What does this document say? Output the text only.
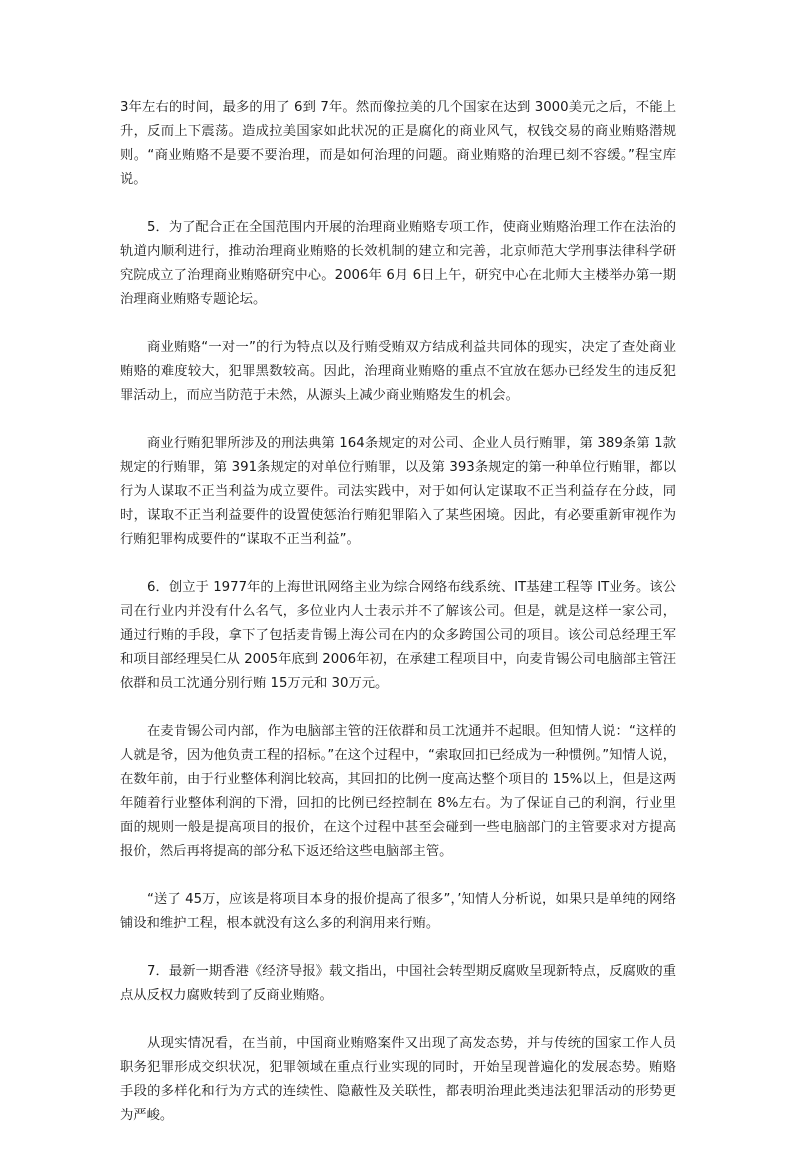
3年左右的时间，最多的用了 6到 7年。然而像拉美的几个国家在达到 3000美元之后，不能上升，反而上下震荡。造成拉美国家如此状况的正是腐化的商业风气，权钱交易的商业贿赂潜规则。“商业贿赂不是要不要治理，而是如何治理的问题。商业贿赂的治理已刻不容缓。”程宝库说。

5．为了配合正在全国范围内开展的治理商业贿赂专项工作，使商业贿赂治理工作在法治的轨道内顺利进行，推动治理商业贿赂的长效机制的建立和完善，北京师范大学刑事法律科学研究院成立了治理商业贿赂研究中心。2006年 6月 6日上午，研究中心在北师大主楼举办第一期治理商业贿赂专题论坛。

商业贿赂“一对一”的行为特点以及行贿受贿双方结成利益共同体的现实，决定了查处商业贿赂的难度较大，犯罪黑数较高。因此，治理商业贿赂的重点不宜放在惩办已经发生的违反犯罪活动上，而应当防范于未然，从源头上减少商业贿赂发生的机会。

商业行贿犯罪所涉及的刑法典第 164条规定的对公司、企业人员行贿罪，第 389条第 1款规定的行贿罪，第 391条规定的对单位行贿罪，以及第 393条规定的第一种单位行贿罪，都以行为人谋取不正当利益为成立要件。司法实践中，对于如何认定谋取不正当利益存在分歧，同时，谋取不正当利益要件的设置使惩治行贿犯罪陷入了某些困境。因此，有必要重新审视作为行贿犯罪构成要件的“谋取不正当利益”。

6．创立于 1977年的上海世讯网络主业为综合网络布线系统、IT基建工程等 IT业务。该公司在行业内并没有什么名气，多位业内人士表示并不了解该公司。但是，就是这样一家公司，通过行贿的手段，拿下了包括麦肯锡上海公司在内的众多跨国公司的项目。该公司总经理王军和项目部经理吴仁从 2005年底到 2006年初，在承建工程项目中，向麦肯锡公司电脑部主管汪依群和员工沈通分别行贿 15万元和 30万元。

在麦肯锡公司内部，作为电脑部主管的汪依群和员工沈通并不起眼。但知情人说：“这样的人就是爷，因为他负责工程的招标。”在这个过程中，“索取回扣已经成为一种惯例。”知情人说，在数年前，由于行业整体利润比较高，其回扣的比例一度高达整个项目的 15%以上，但是这两年随着行业整体利润的下滑，回扣的比例已经控制在 8%左右。为了保证自己的利润，行业里面的规则一般是提高项目的报价，在这个过程中甚至会碰到一些电脑部门的主管要求对方提高报价，然后再将提高的部分私下返还给这些电脑部主管。

“送了 45万，应该是将项目本身的报价提高了很多”，’知情人分析说，如果只是单纯的网络铺设和维护工程，根本就没有这么多的利润用来行贿。

7．最新一期香港《经济导报》载文指出，中国社会转型期反腐败呈现新特点，反腐败的重点从反权力腐败转到了反商业贿赂。

从现实情况看，在当前，中国商业贿赂案件又出现了高发态势，并与传统的国家工作人员职务犯罪形成交织状况，犯罪领域在重点行业实现的同时，开始呈现普遍化的发展态势。贿赂手段的多样化和行为方式的连续性、隐蔽性及关联性，都表明治理此类违法犯罪活动的形势更为严峻。
